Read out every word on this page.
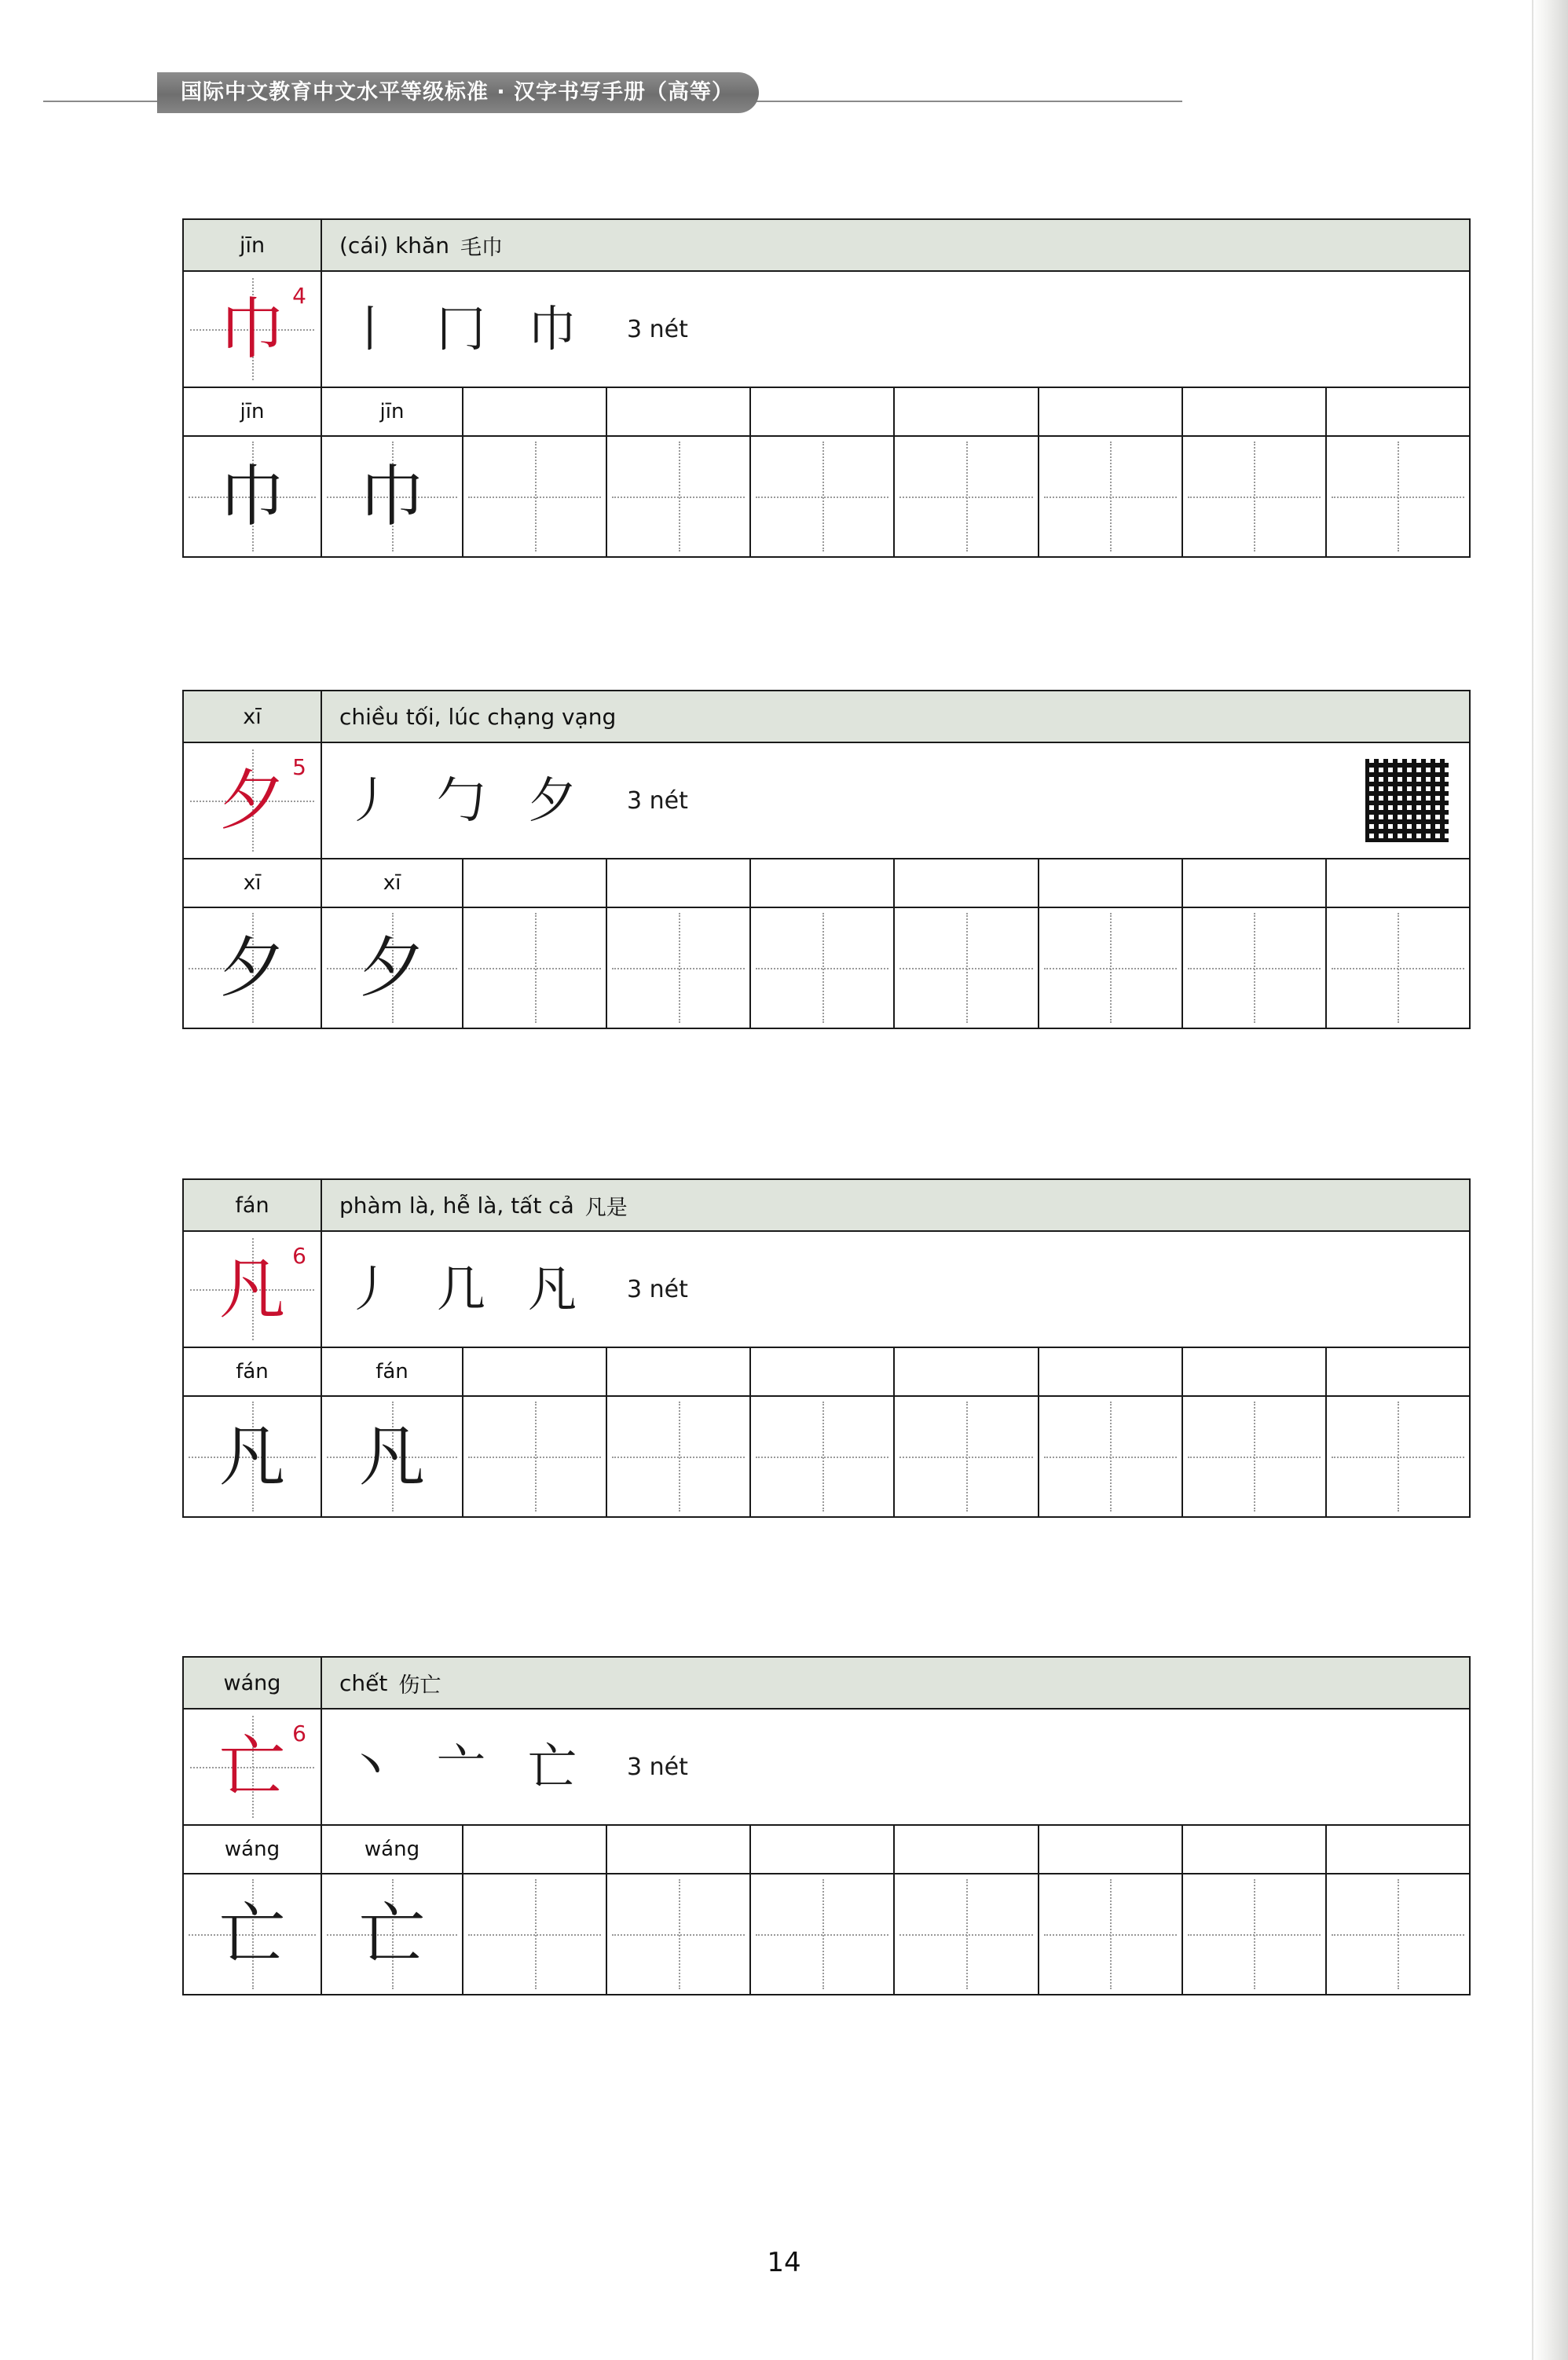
国际中文教育中文水平等级标准 · 汉字书写手册（高等）
jīn	(cái) khăn 毛巾
巾 4
丨 冂 巾 3 nét
jīn	jīn
巾	巾
xī	chiều tối, lúc chạng vạng
夕 5
丿 勹 夕 3 nét
xī	xī
夕	夕
fán	phàm là, hễ là, tất cả 凡是
凡 6
丿 几 凡 3 nét
fán	fán
凡	凡
wáng	chết 伤亡
亡 6
丶 亠 亡 3 nét
wáng	wáng
亡	亡
14
